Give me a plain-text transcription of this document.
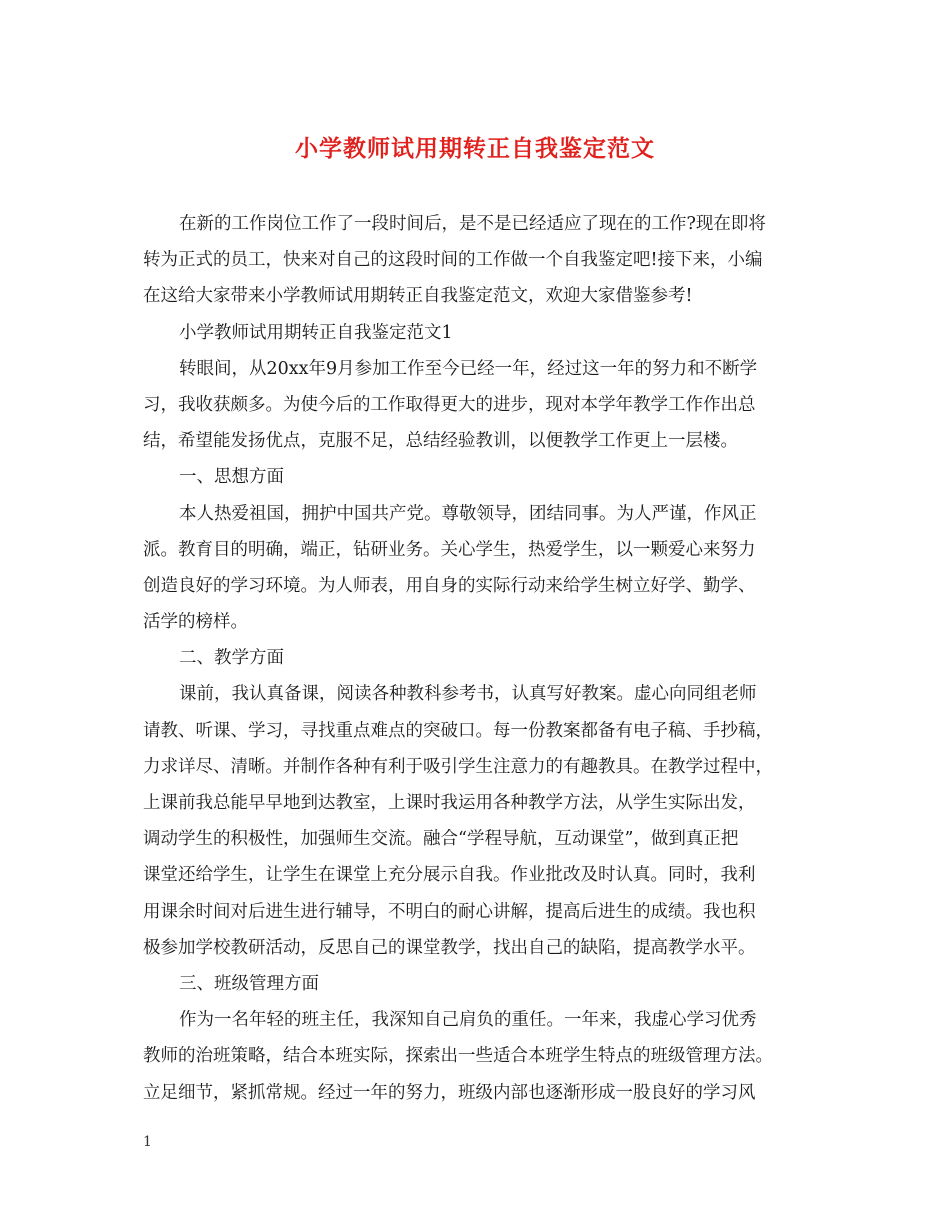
小学教师试用期转正自我鉴定范文
在新的工作岗位工作了一段时间后，是不是已经适应了现在的工作?现在即将
转为正式的员工，快来对自己的这段时间的工作做一个自我鉴定吧!接下来，小编
在这给大家带来小学教师试用期转正自我鉴定范文，欢迎大家借鉴参考!
小学教师试用期转正自我鉴定范文1
转眼间，从20xx年9月参加工作至今已经一年，经过这一年的努力和不断学
习，我收获颇多。为使今后的工作取得更大的进步，现对本学年教学工作作出总
结，希望能发扬优点，克服不足，总结经验教训，以便教学工作更上一层楼。
一、思想方面
本人热爱祖国，拥护中国共产党。尊敬领导，团结同事。为人严谨，作风正
派。教育目的明确，端正，钻研业务。关心学生，热爱学生，以一颗爱心来努力
创造良好的学习环境。为人师表，用自身的实际行动来给学生树立好学、勤学、
活学的榜样。
二、教学方面
课前，我认真备课，阅读各种教科参考书，认真写好教案。虚心向同组老师
请教、听课、学习，寻找重点难点的突破口。每一份教案都备有电子稿、手抄稿，
力求详尽、清晰。并制作各种有利于吸引学生注意力的有趣教具。在教学过程中，
上课前我总能早早地到达教室，上课时我运用各种教学方法，从学生实际出发，
调动学生的积极性，加强师生交流。融合“学程导航，互动课堂”，做到真正把
课堂还给学生，让学生在课堂上充分展示自我。作业批改及时认真。同时，我利
用课余时间对后进生进行辅导，不明白的耐心讲解，提高后进生的成绩。我也积
极参加学校教研活动，反思自己的课堂教学，找出自己的缺陷，提高教学水平。
三、班级管理方面
作为一名年轻的班主任，我深知自己肩负的重任。一年来，我虚心学习优秀
教师的治班策略，结合本班实际，探索出一些适合本班学生特点的班级管理方法。
立足细节，紧抓常规。经过一年的努力，班级内部也逐渐形成一股良好的学习风
1
